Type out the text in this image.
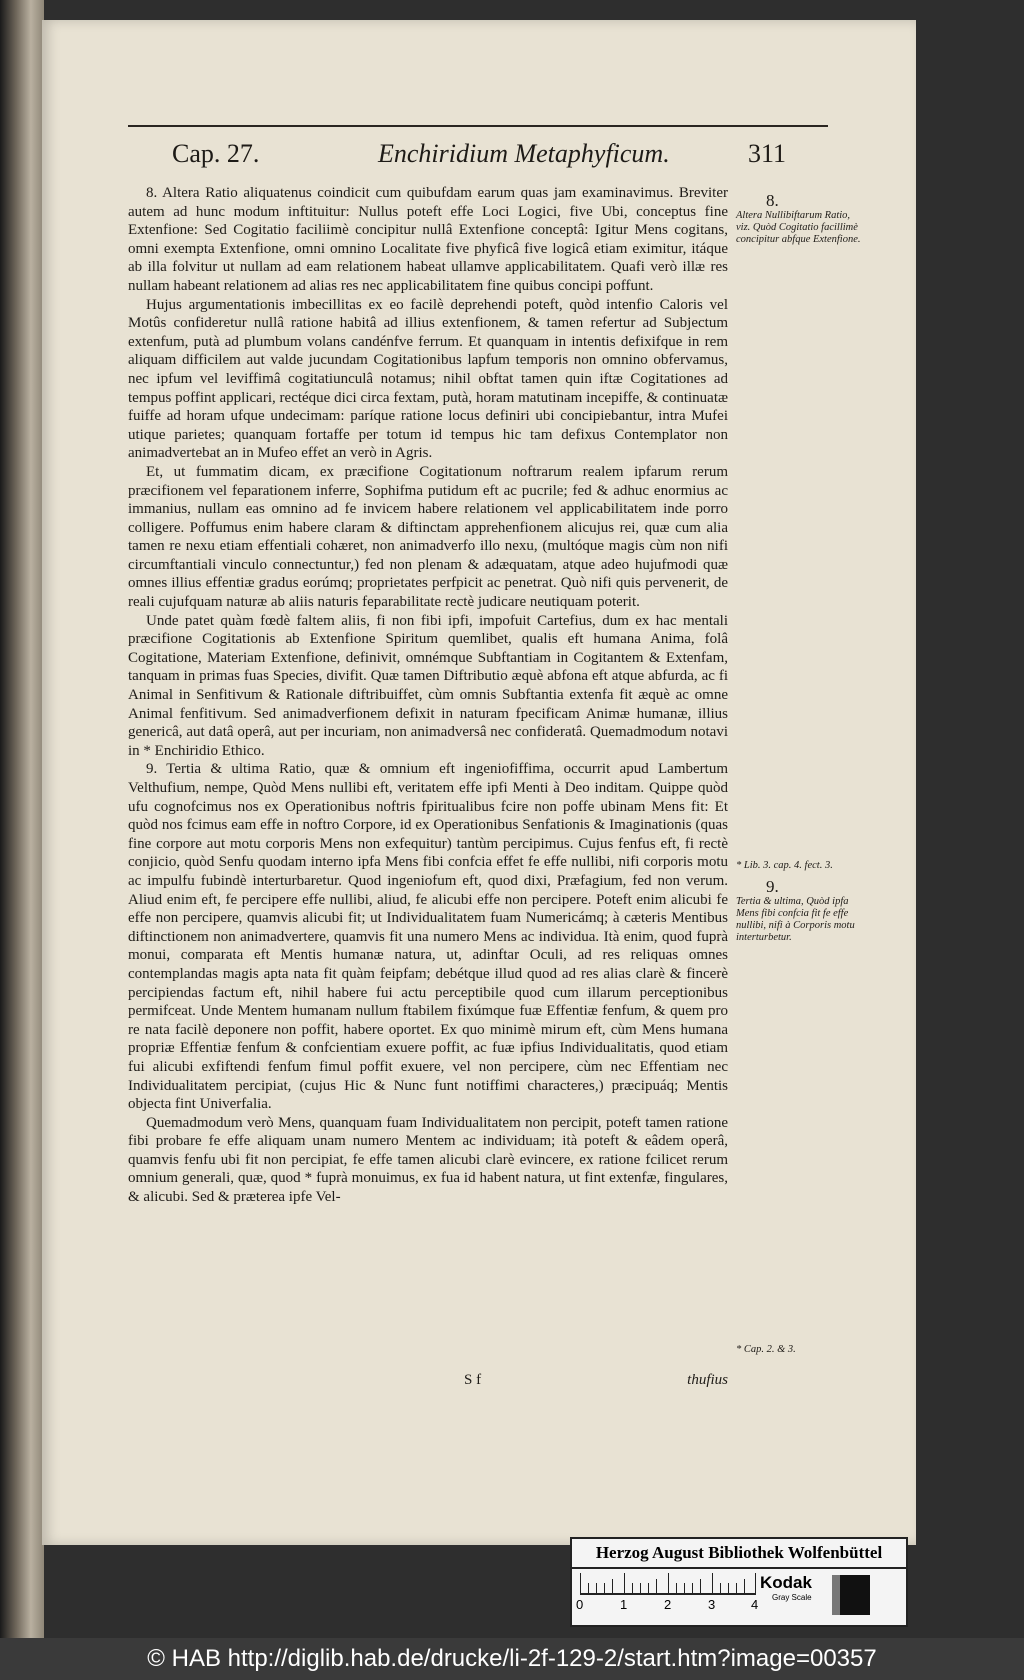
Cap. 27.	Enchiridium Metaphyficum.	311

8. Altera Ratio aliquatenus coindicit cum quibufdam earum quas jam examinavimus. Breviter autem ad hunc modum inftituitur: Nullus poteft effe Loci Logici, five Ubi, conceptus fine Extenfione: Sed Cogitatio faciliimè concipitur nullâ Extenfione conceptâ: Igitur Mens cogitans, omni exempta Extenfione, omni omnino Localitate five phyficâ five logicâ etiam eximitur, itáque ab illa folvitur ut nullam ad eam relationem habeat ullamve applicabilitatem. Quafi verò illæ res nullam habeant relationem ad alias res nec applicabilitatem fine quibus concipi poffunt.

Hujus argumentationis imbecillitas ex eo facilè deprehendi poteft, quòd intenfio Caloris vel Motûs confideretur nullâ ratione habitâ ad illius extenfionem, & tamen refertur ad Subjectum extenfum, putà ad plumbum volans candénfve ferrum. Et quanquam in intentis defixifque in rem aliquam difficilem aut valde jucundam Cogitationibus lapfum temporis non omnino obfervamus, nec ipfum vel leviffimâ cogitatiunculâ notamus; nihil obftat tamen quin iftæ Cogitationes ad tempus poffint applicari, rectéque dici circa fextam, putà, horam matutinam incepiffe, & continuatæ fuiffe ad horam ufque undecimam: paríque ratione locus definiri ubi concipiebantur, intra Mufei utique parietes; quanquam fortaffe per totum id tempus hic tam defixus Contemplator non animadvertebat an in Mufeo effet an verò in Agris.

Et, ut fummatim dicam, ex præcifione Cogitationum noftrarum realem ipfarum rerum præcifionem vel feparationem inferre, Sophifma putidum eft ac pucrile; fed & adhuc enormius ac immanius, nullam eas omnino ad fe invicem habere relationem vel applicabilitatem inde porro colligere. Poffumus enim habere claram & diftinctam apprehenfionem alicujus rei, quæ cum alia tamen re nexu etiam effentiali cohæret, non animadverfo illo nexu, (multóque magis cùm non nifi circumftantiali vinculo connectuntur,) fed non plenam & adæquatam, atque adeo hujufmodi quæ omnes illius effentiæ gradus eorúmq; proprietates perfpicit ac penetrat. Quò nifi quis pervenerit, de reali cujufquam naturæ ab aliis naturis feparabilitate rectè judicare neutiquam poterit.

Unde patet quàm fœdè faltem aliis, fi non fibi ipfi, impofuit Cartefius, dum ex hac mentali præcifione Cogitationis ab Extenfione Spiritum quemlibet, qualis eft humana Anima, folâ Cogitatione, Materiam Extenfione, definivit, omnémque Subftantiam in Cogitantem & Extenfam, tanquam in primas fuas Species, divifit. Quæ tamen Diftributio æquè abfona eft atque abfurda, ac fi Animal in Senfitivum & Rationale diftribuiffet, cùm omnis Subftantia extenfa fit æquè ac omne Animal fenfitivum. Sed animadverfionem defixit in naturam fpecificam Animæ humanæ, illius genericâ, aut datâ operâ, aut per incuriam, non animadversâ nec confideratâ. Quemadmodum notavi in * Enchiridio Ethico.

9. Tertia & ultima Ratio, quæ & omnium eft ingeniofiffima, occurrit apud Lambertum Velthufium, nempe, Quòd Mens nullibi eft, veritatem effe ipfi Menti à Deo inditam. Quippe quòd ufu cognofcimus nos ex Operationibus noftris fpiritualibus fcire non poffe ubinam Mens fit: Et quòd nos fcimus eam effe in noftro Corpore, id ex Operationibus Senfationis & Imaginationis (quas fine corpore aut motu corporis Mens non exfequitur) tantùm percipimus. Cujus fenfus eft, fi rectè conjicio, quòd Senfu quodam interno ipfa Mens fibi confcia effet fe effe nullibi, nifi corporis motu ac impulfu fubindè interturbaretur. Quod ingeniofum eft, quod dixi, Præfagium, fed non verum. Aliud enim eft, fe percipere effe nullibi, aliud, fe alicubi effe non percipere. Poteft enim alicubi fe effe non percipere, quamvis alicubi fit; ut Individualitatem fuam Numericámq; à cæteris Mentibus diftinctionem non animadvertere, quamvis fit una numero Mens ac individua. Ità enim, quod fuprà monui, comparata eft Mentis humanæ natura, ut, adinftar Oculi, ad res reliquas omnes contemplandas magis apta nata fit quàm feipfam; debétque illud quod ad res alias clarè & fincerè percipiendas factum eft, nihil habere fui actu perceptibile quod cum illarum perceptionibus permifceat. Unde Mentem humanam nullum ftabilem fixúmque fuæ Effentiæ fenfum, & quem pro re nata facilè deponere non poffit, habere oportet. Ex quo minimè mirum eft, cùm Mens humana propriæ Effentiæ fenfum & confcientiam exuere poffit, ac fuæ ipfius Individualitatis, quod etiam fui alicubi exfiftendi fenfum fimul poffit exuere, vel non percipere, cùm nec Effentiam nec Individualitatem percipiat, (cujus Hic & Nunc funt notiffimi characteres,) præcipuáq; Mentis objecta fint Univerfalia.

Quemadmodum verò Mens, quanquam fuam Individualitatem non percipit, poteft tamen ratione fibi probare fe effe aliquam unam numero Mentem ac individuam; ità poteft & eâdem operâ, quamvis fenfu ubi fit non percipiat, fe effe tamen alicubi clarè evincere, ex ratione fcilicet rerum omnium generali, quæ, quod * fuprà monuimus, ex fua id habent natura, ut fint extenfæ, fingulares, & alicubi. Sed & præterea ipfe Vel-

8.
Altera Nullibiftarum Ratio, viz. Quòd Cogitatio facillimè concipitur abfque Extenfione.
* Lib. 3. cap. 4. fect. 3.
9.
Tertia & ultima, Quòd ipfa Mens fibi confcia fit fe effe nullibi, nifi à Corporis motu interturbetur.
* Cap. 2. & 3.
S f	thufius
Herzog August Bibliothek Wolfenbüttel
0	1	2	3	4
Kodak
Gray Scale
© HAB http://diglib.hab.de/drucke/li-2f-129-2/start.htm?image=00357
